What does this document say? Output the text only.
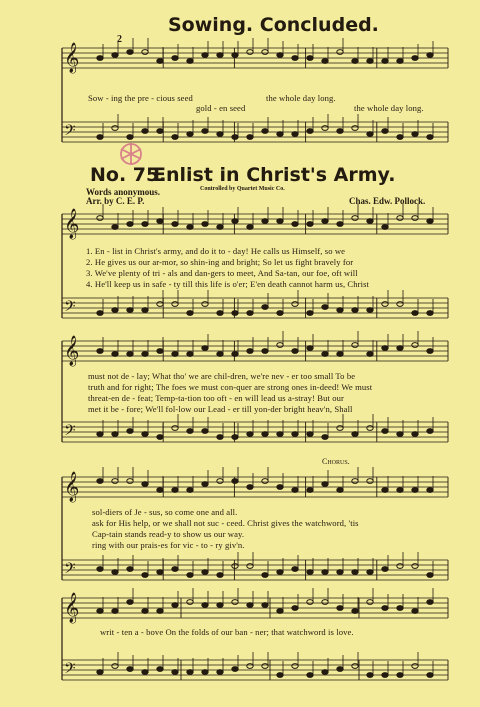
𝄞
𝄢
𝄞
𝄢
𝄞
𝄢
𝄞
𝄢
𝄞
𝄢
Sowing. Concluded.
2
Sow - ing the pre - cious seed	the whole day long.
gold - en seed	the whole day long.
No. 75.
Enlist in Christ's Army.
Words anonymous.	Controlled by Quartet Music Co.
Arr. by C. E. P.	Chas. Edw. Pollock.
1. En - list in Christ's army, and do it to - day! He calls us Himself, so we
2. He gives us our ar-mor, so shin-ing and bright; So let us fight bravely for
3. We've plenty of tri - als and dan-gers to meet, And Sa-tan, our foe, oft will
4. He'll keep us in safe - ty till this life is o'er; E'en death cannot harm us, Christ
must not de - lay; What tho' we are chil-dren, we're nev - er too small To be
truth and for right; The foes we must con-quer are strong ones in-deed! We must
threat-en de - feat; Temp-ta-tion too oft - en will lead us a-stray! But our
met it be - fore; We'll fol-low our Lead - er till yon-der bright heav'n, Shall
Chorus.
sol-diers of Je - sus, so come one and all.
ask for His help, or we shall not suc - ceed. Christ gives the watchword, 'tis
Cap-tain stands read-y to show us our way.
ring with our prais-es for vic - to - ry giv'n.
writ - ten a - bove On the folds of our ban - ner; that watchword is love.
